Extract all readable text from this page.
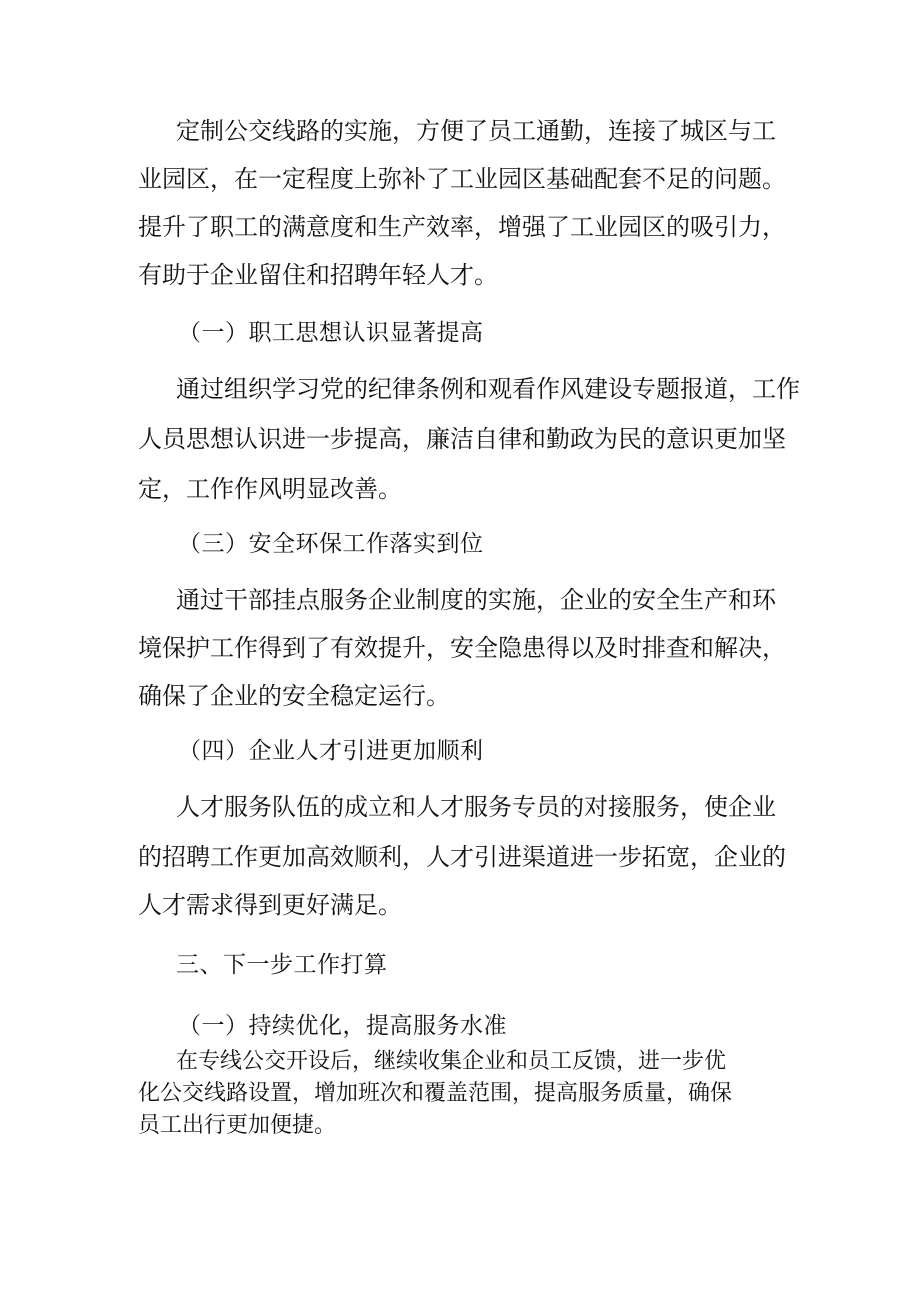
定制公交线路的实施，方便了员工通勤，连接了城区与工
业园区，在一定程度上弥补了工业园区基础配套不足的问题。
提升了职工的满意度和生产效率，增强了工业园区的吸引力，
有助于企业留住和招聘年轻人才。
（一）职工思想认识显著提高
通过组织学习党的纪律条例和观看作风建设专题报道，工作
人员思想认识进一步提高，廉洁自律和勤政为民的意识更加坚
定，工作作风明显改善。
（三）安全环保工作落实到位
通过干部挂点服务企业制度的实施，企业的安全生产和环
境保护工作得到了有效提升，安全隐患得以及时排查和解决，
确保了企业的安全稳定运行。
（四）企业人才引进更加顺利
人才服务队伍的成立和人才服务专员的对接服务，使企业
的招聘工作更加高效顺利，人才引进渠道进一步拓宽，企业的
人才需求得到更好满足。
三、下一步工作打算
（一）持续优化，提高服务水准
在专线公交开设后，继续收集企业和员工反馈，进一步优
化公交线路设置，增加班次和覆盖范围，提高服务质量，确保
员工出行更加便捷。
